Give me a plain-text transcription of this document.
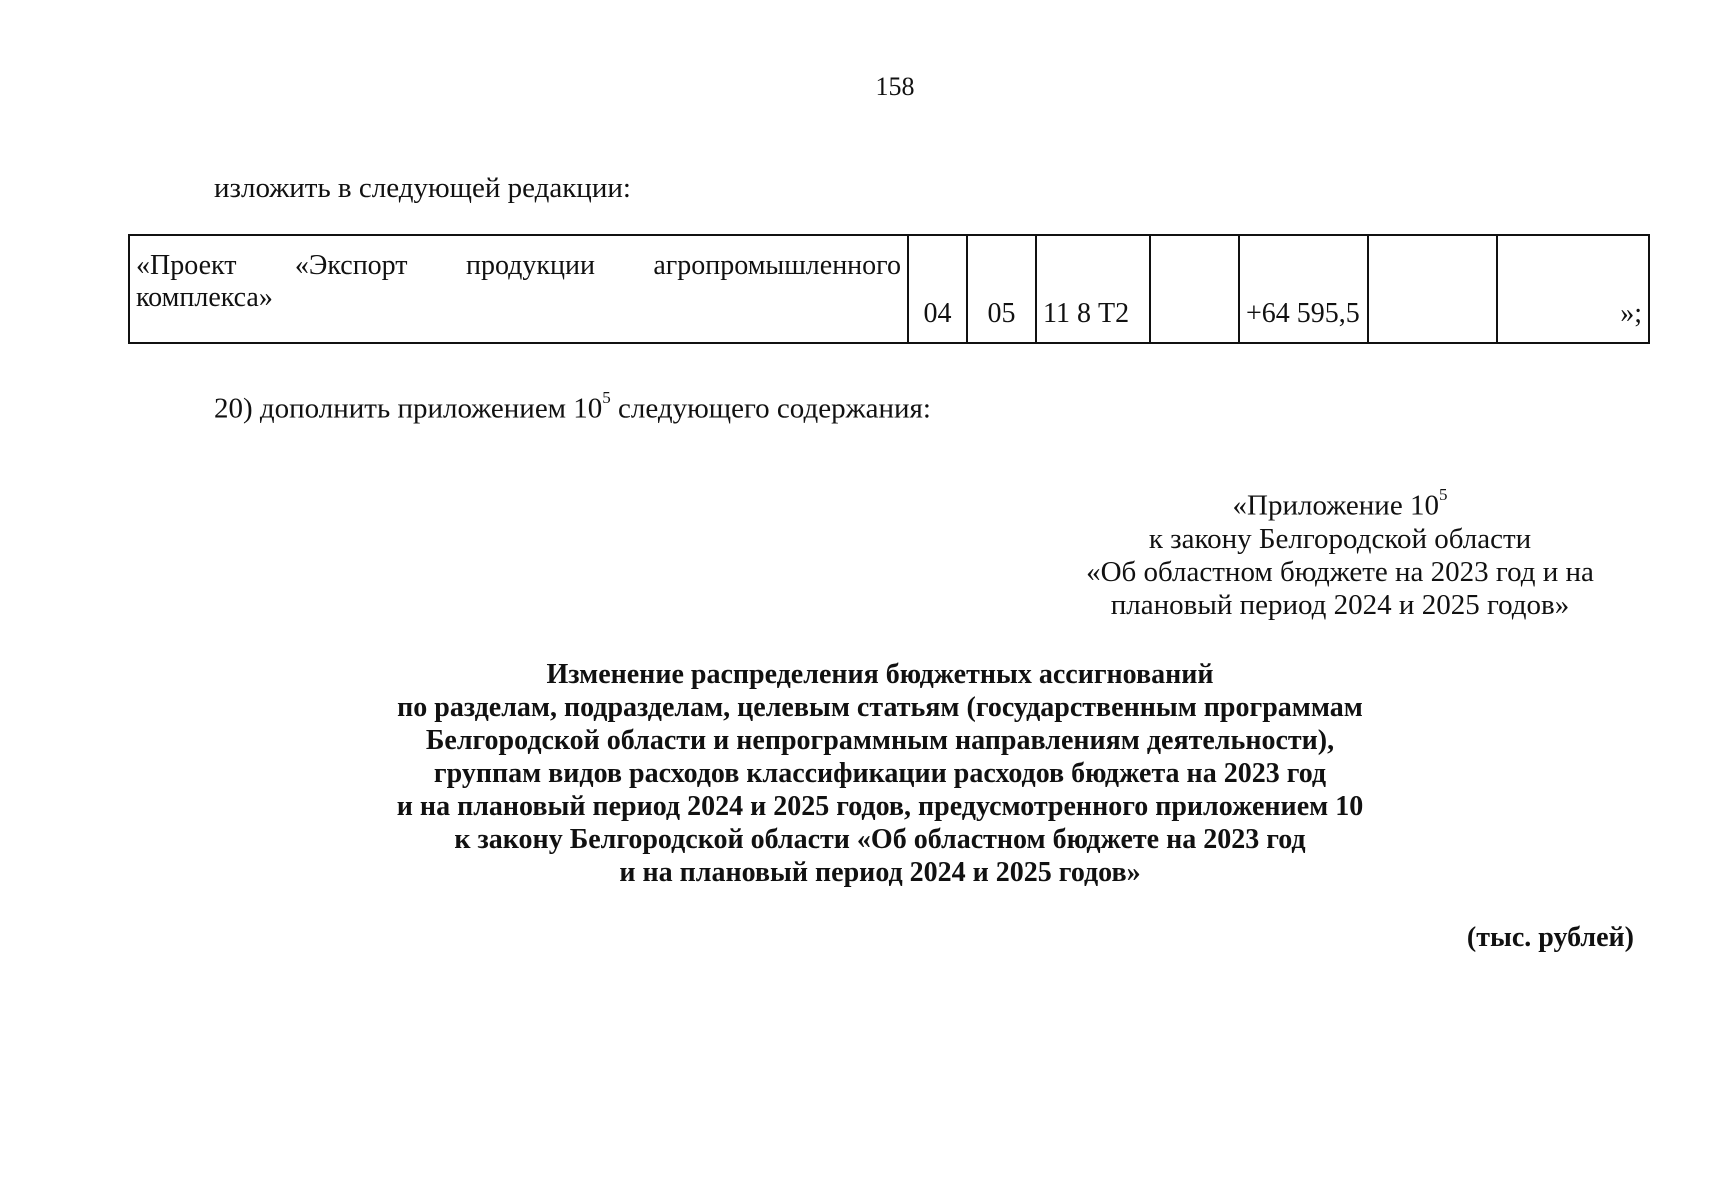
158
изложить в следующей редакции:
«Проект «Экспорт продукции агропромышленного
комплекса»
	04	05	11 8 Т2		+64 595,5		»;
20) дополнить приложением $10^5$ следующего содержания:
«Приложение $10^5$
к закону Белгородской области
«Об областном бюджете на 2023 год и на
плановый период 2024 и 2025 годов»
Изменение распределения бюджетных ассигнований
по разделам, подразделам, целевым статьям (государственным программам
Белгородской области и непрограммным направлениям деятельности),
группам видов расходов классификации расходов бюджета на 2023 год
и на плановый период 2024 и 2025 годов, предусмотренного приложением 10
к закону Белгородской области «Об областном бюджете на 2023 год
и на плановый период 2024 и 2025 годов»
(тыс. рублей)
